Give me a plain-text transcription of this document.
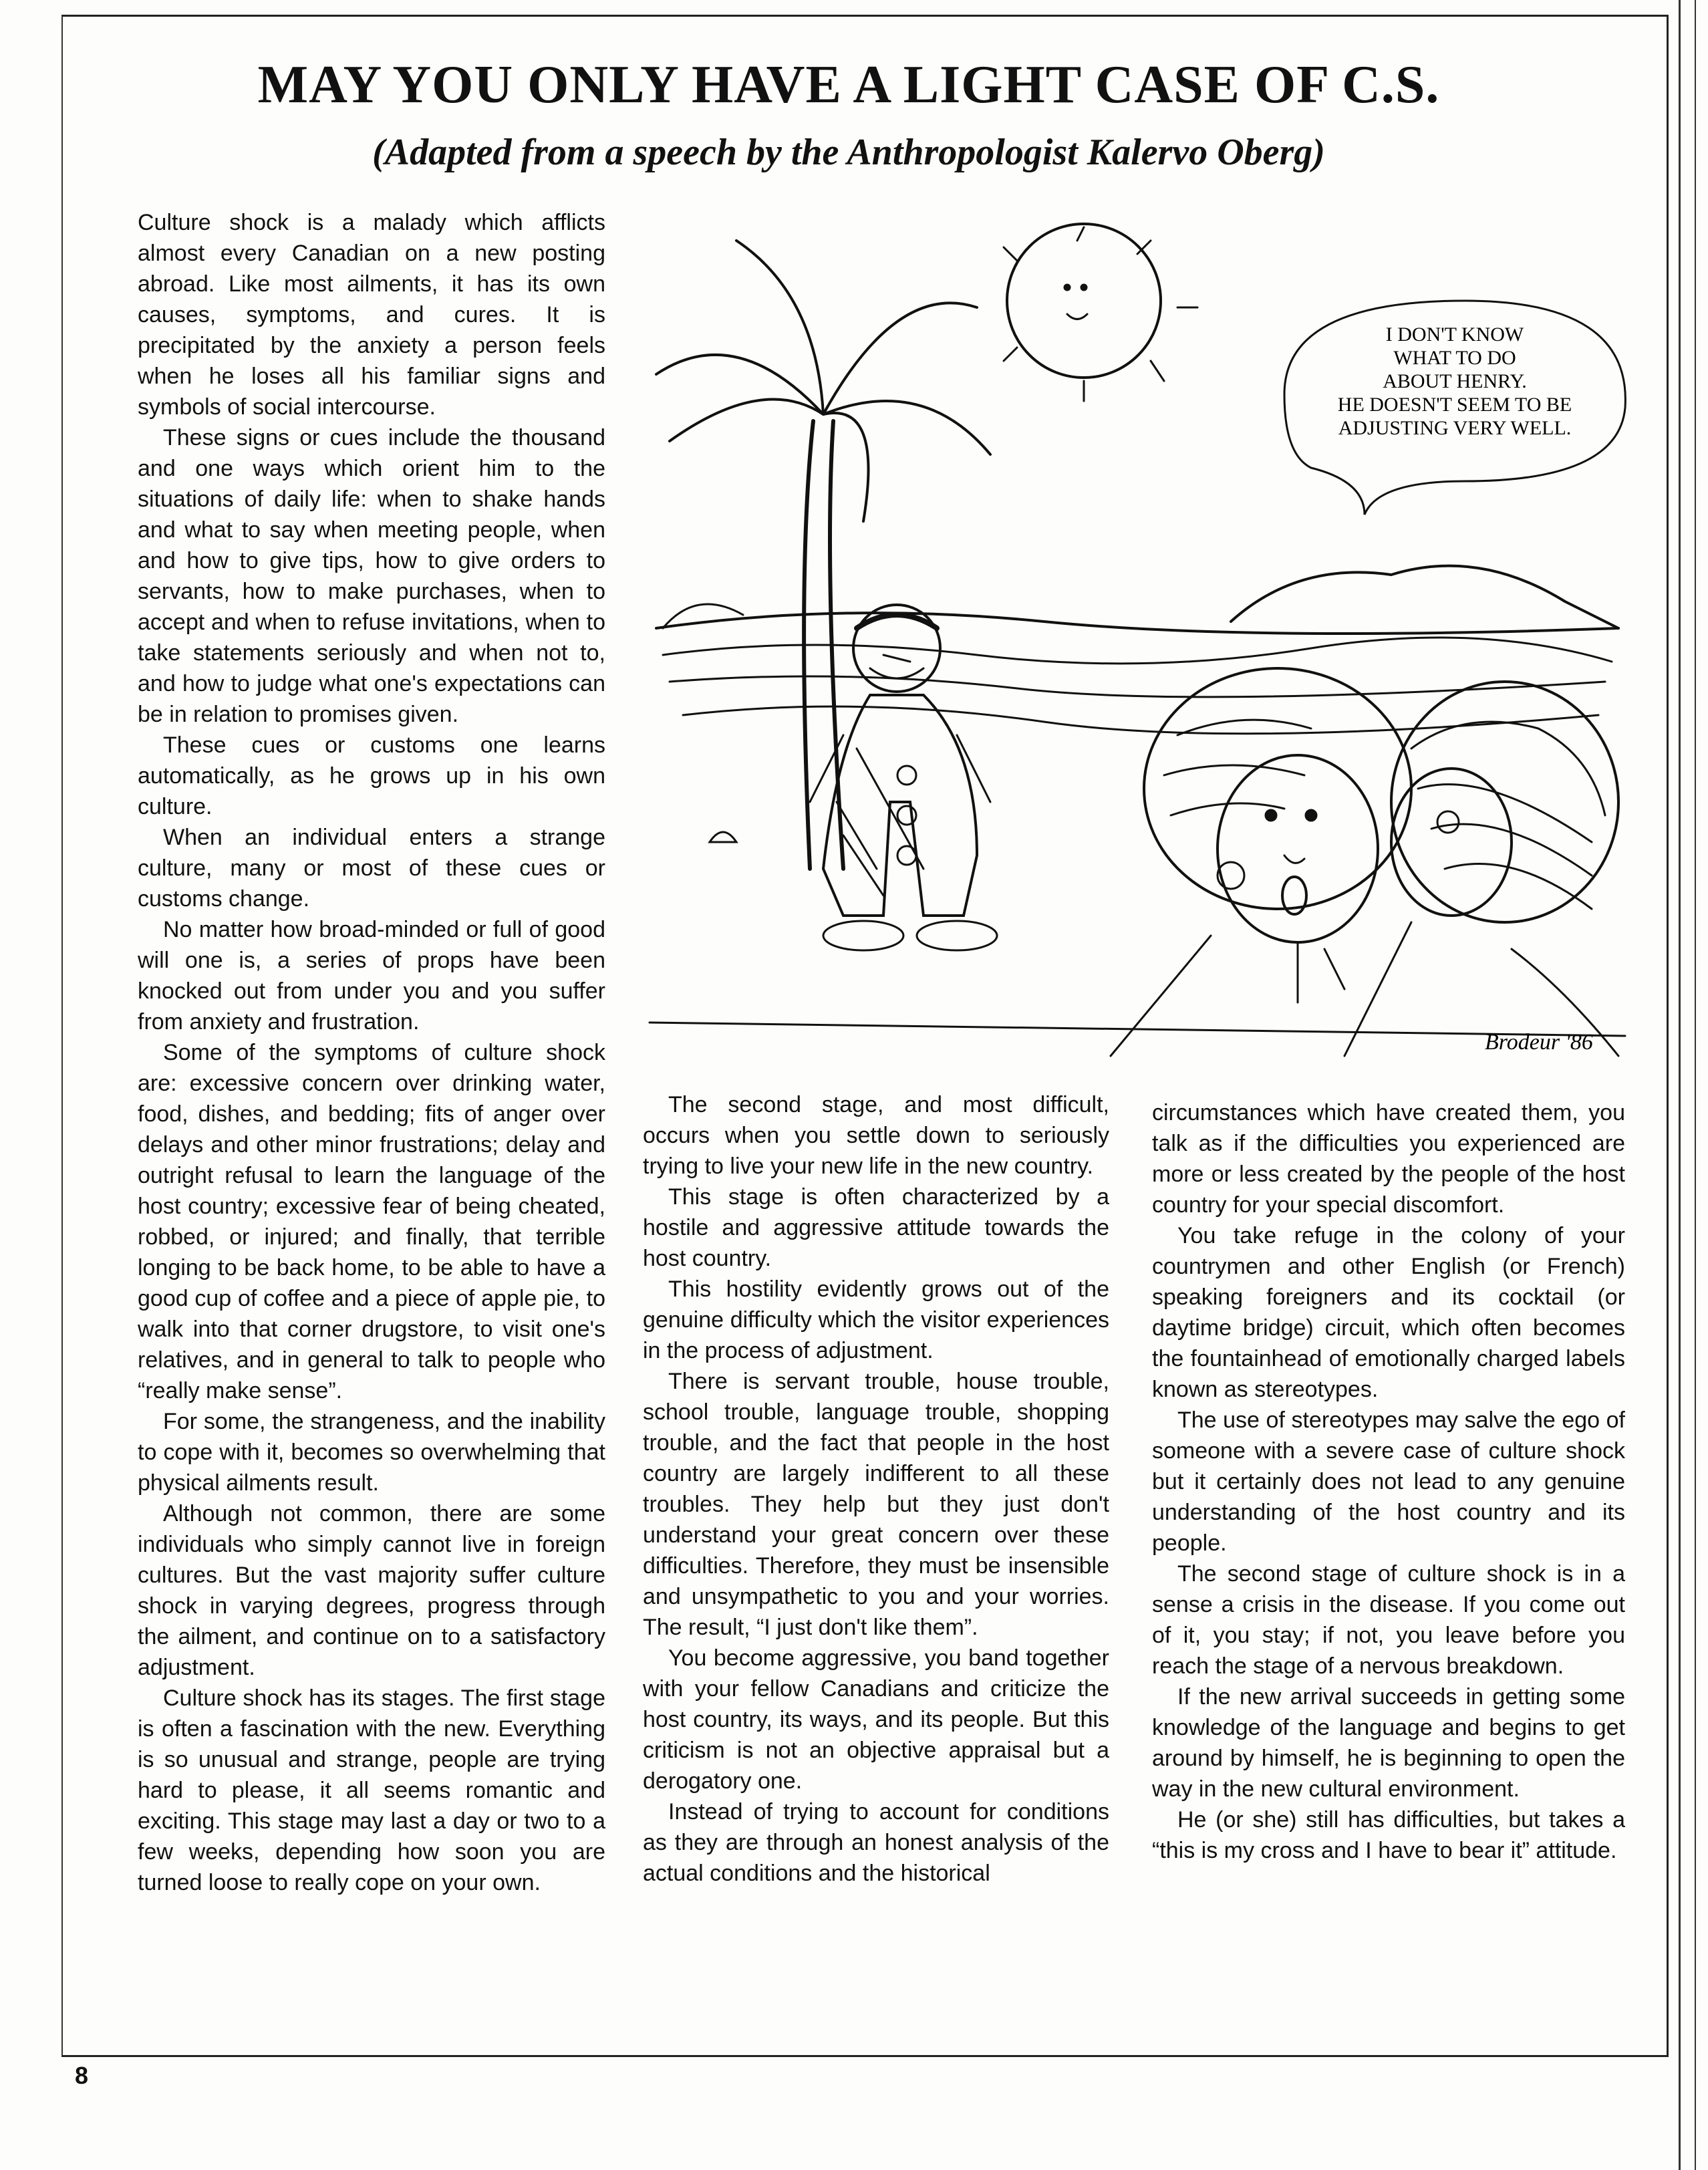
MAY YOU ONLY HAVE A LIGHT CASE OF C.S.
(Adapted from a speech by the Anthropologist Kalervo Oberg)

Culture shock is a malady which afflicts almost every Canadian on a new posting abroad. Like most ailments, it has its own causes, symptoms, and cures. It is precipitated by the anxiety a person feels when he loses all his familiar signs and symbols of social intercourse.

These signs or cues include the thousand and one ways which orient him to the situations of daily life: when to shake hands and what to say when meeting people, when and how to give tips, how to give orders to servants, how to make purchases, when to accept and when to refuse invitations, when to take statements seriously and when not to, and how to judge what one's expectations can be in relation to promises given.

These cues or customs one learns automatically, as he grows up in his own culture.

When an individual enters a strange culture, many or most of these cues or customs change.

No matter how broad-minded or full of good will one is, a series of props have been knocked out from under you and you suffer from anxiety and frustration.

Some of the symptoms of culture shock are: excessive concern over drinking water, food, dishes, and bedding; fits of anger over delays and other minor frustrations; delay and outright refusal to learn the language of the host country; excessive fear of being cheated, robbed, or injured; and finally, that terrible longing to be back home, to be able to have a good cup of coffee and a piece of apple pie, to walk into that corner drugstore, to visit one's relatives, and in general to talk to people who “really make sense”.

For some, the strangeness, and the inability to cope with it, becomes so overwhelming that physical ailments result.

Although not common, there are some individuals who simply cannot live in foreign cultures. But the vast majority suffer culture shock in varying degrees, progress through the ailment, and continue on to a satisfactory adjustment.

Culture shock has its stages. The first stage is often a fascination with the new. Everything is so unusual and strange, people are trying hard to please, it all seems romantic and exciting. This stage may last a day or two to a few weeks, depending how soon you are turned loose to really cope on your own.

I DON'T KNOW
WHAT TO DO
ABOUT HENRY.
HE DOESN'T SEEM TO BE
ADJUSTING VERY WELL.
Brodeur '86

The second stage, and most difficult, occurs when you settle down to seriously trying to live your new life in the new country.

This stage is often characterized by a hostile and aggressive attitude towards the host country.

This hostility evidently grows out of the genuine difficulty which the visitor experiences in the process of adjustment.

There is servant trouble, house trouble, school trouble, language trouble, shopping trouble, and the fact that people in the host country are largely indifferent to all these troubles. They help but they just don't understand your great concern over these difficulties. Therefore, they must be insensible and unsympathetic to you and your worries. The result, “I just don't like them”.

You become aggressive, you band together with your fellow Canadians and criticize the host country, its ways, and its people. But this criticism is not an objective appraisal but a derogatory one.

Instead of trying to account for conditions as they are through an honest analysis of the actual conditions and the historical

circumstances which have created them, you talk as if the difficulties you experienced are more or less created by the people of the host country for your special discomfort.

You take refuge in the colony of your countrymen and other English (or French) speaking foreigners and its cocktail (or daytime bridge) circuit, which often becomes the fountainhead of emotionally charged labels known as stereotypes.

The use of stereotypes may salve the ego of someone with a severe case of culture shock but it certainly does not lead to any genuine understanding of the host country and its people.

The second stage of culture shock is in a sense a crisis in the disease. If you come out of it, you stay; if not, you leave before you reach the stage of a nervous breakdown.

If the new arrival succeeds in getting some knowledge of the language and begins to get around by himself, he is beginning to open the way in the new cultural environment.

He (or she) still has difficulties, but takes a “this is my cross and I have to bear it” attitude.

8
